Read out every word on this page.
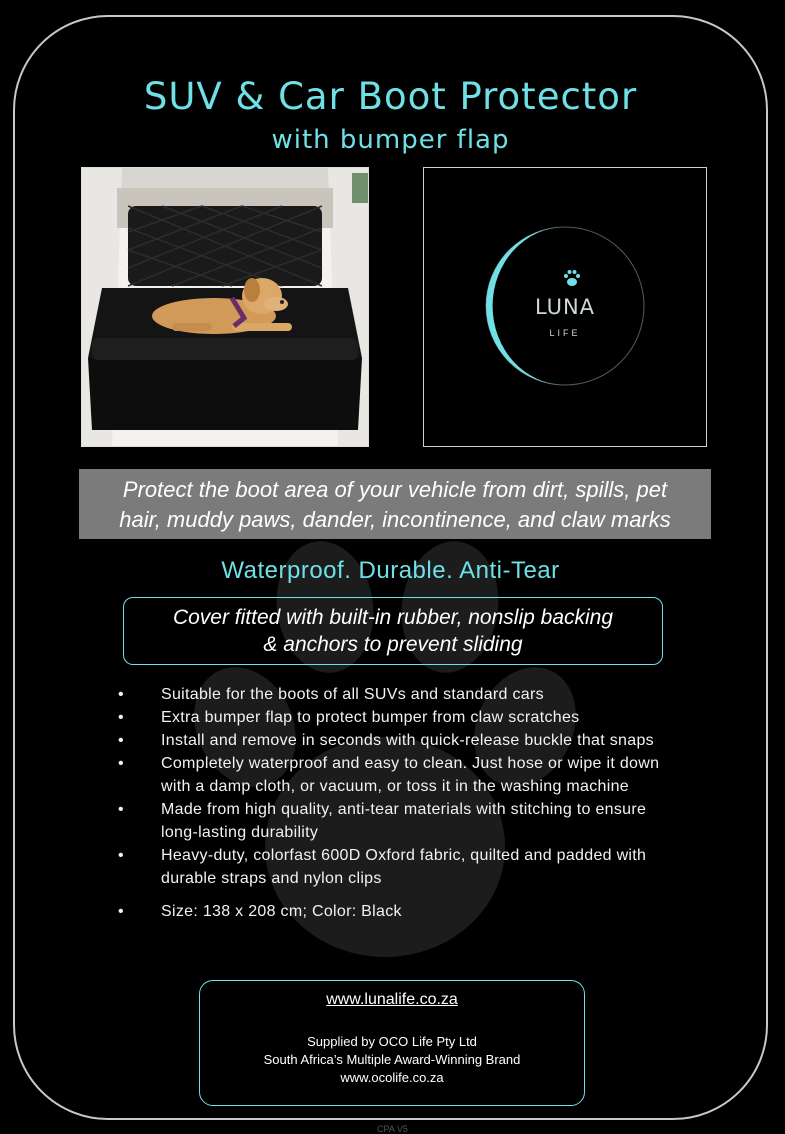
SUV & Car Boot Protector
with bumper flap
LUNA
LIFE
Protect the boot area of your vehicle from dirt, spills, pet
hair, muddy paws, dander, incontinence, and claw marks
Waterproof. Durable. Anti-Tear
Cover fitted with built-in rubber, nonslip backing
& anchors to prevent sliding
• Suitable for the boots of all SUVs and standard cars
• Extra bumper flap to protect bumper from claw scratches
• Install and remove in seconds with quick-release buckle that snaps
• Completely waterproof and easy to clean. Just hose or wipe it down with a damp cloth, or vacuum, or toss it in the washing machine
• Made from high quality, anti-tear materials with stitching to ensure long-lasting durability
• Heavy-duty, colorfast 600D Oxford fabric, quilted and padded with durable straps and nylon clips
• Size: 138 x 208 cm; Color: Black
www.lunalife.co.za
Supplied by OCO Life Pty Ltd
South Africa’s Multiple Award-Winning Brand
www.ocolife.co.za
CPA V5
